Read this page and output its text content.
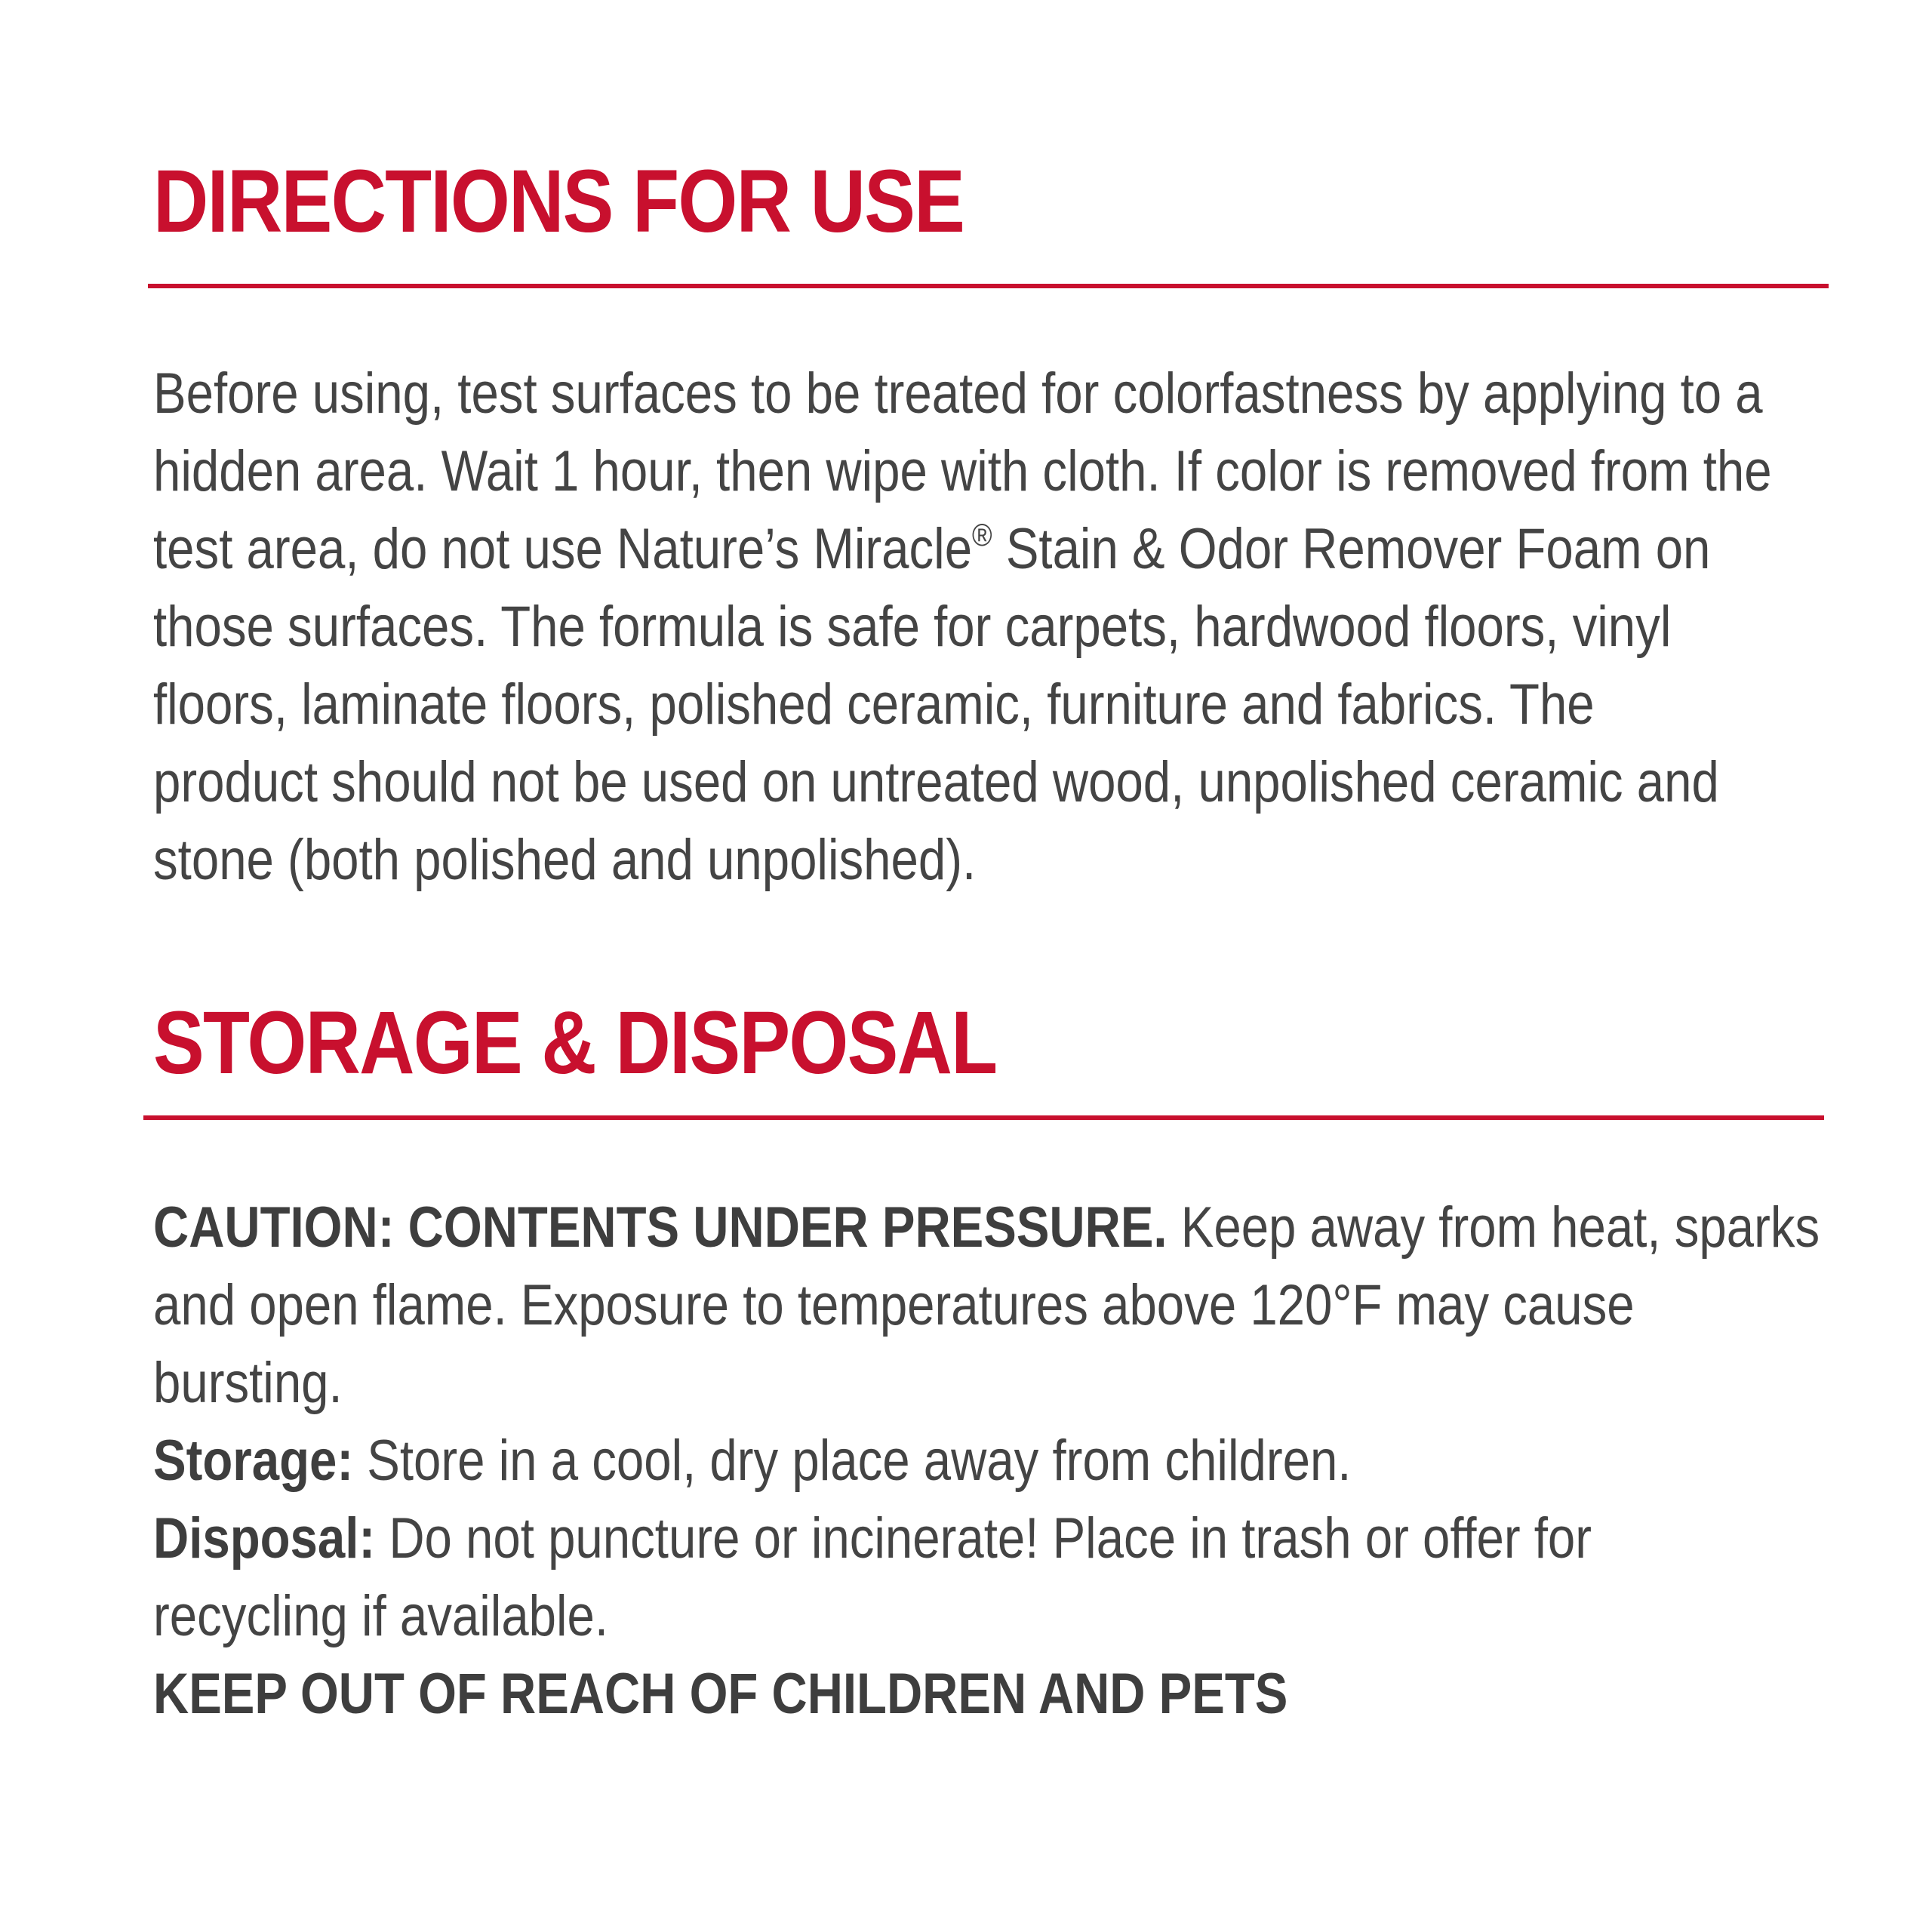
DIRECTIONS FOR USE
Before using, test surfaces to be treated for colorfastness by applying to a
hidden area. Wait 1 hour, then wipe with cloth. If color is removed from the
test area, do not use Nature’s Miracle® Stain & Odor Remover Foam on
those surfaces. The formula is safe for carpets, hardwood floors, vinyl
floors, laminate floors, polished ceramic, furniture and fabrics. The
product should not be used on untreated wood, unpolished ceramic and
stone (both polished and unpolished).
STORAGE & DISPOSAL
CAUTION: CONTENTS UNDER PRESSURE. Keep away from heat, sparks
and open flame. Exposure to temperatures above 120°F may cause
bursting.
Storage: Store in a cool, dry place away from children.
Disposal: Do not puncture or incinerate! Place in trash or offer for
recycling if available.
KEEP OUT OF REACH OF CHILDREN AND PETS
